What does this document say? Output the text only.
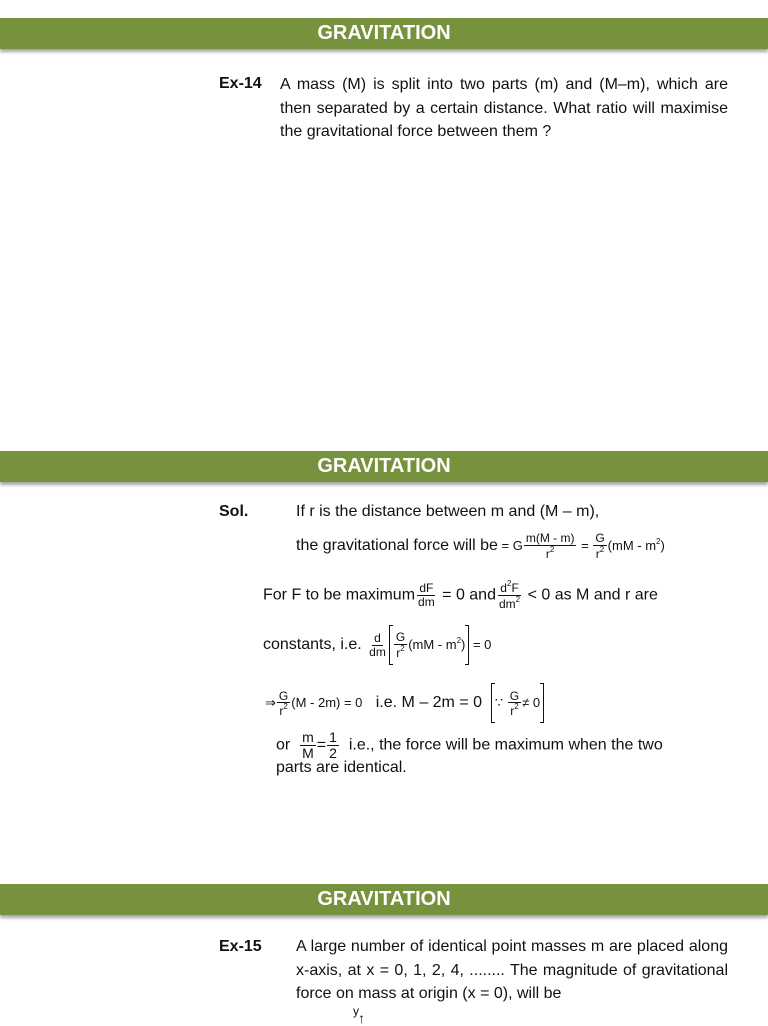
GRAVITATION
Ex-14 A mass (M) is split into two parts (m) and (M–m), which are then separated by a certain distance. What ratio will maximise the gravitational force between them ?
GRAVITATION
Sol.	If r is the distance between m and (M – m),
the gravitational force will be = G $\frac{m(M - m)}{r^2} = \frac{G}{r^2} (mM - m^2)$
For F to be maximum $\frac{dF}{dm} = 0$ and $\frac{d^2F}{dm^2} < 0$ as M and r are
constants, i.e. $\frac{d}{dm} \frac{G}{r^2} (mM - m^2) = 0$
⇒ $\frac{G}{r^2} (M - 2m) = 0$ i.e. M – 2m = 0 ∵ $\frac{G}{r^2} \ne 0$
or $\frac{m}{M} = \frac{1}{2} i.e$., the force will be maximum when the two
parts are identical.
GRAVITATION
Ex-15 A large number of identical point masses m are placed along x-axis, at x = 0, 1, 2, 4, ........ The magnitude of gravitational force on mass at origin (x = 0), will be
y ↑
